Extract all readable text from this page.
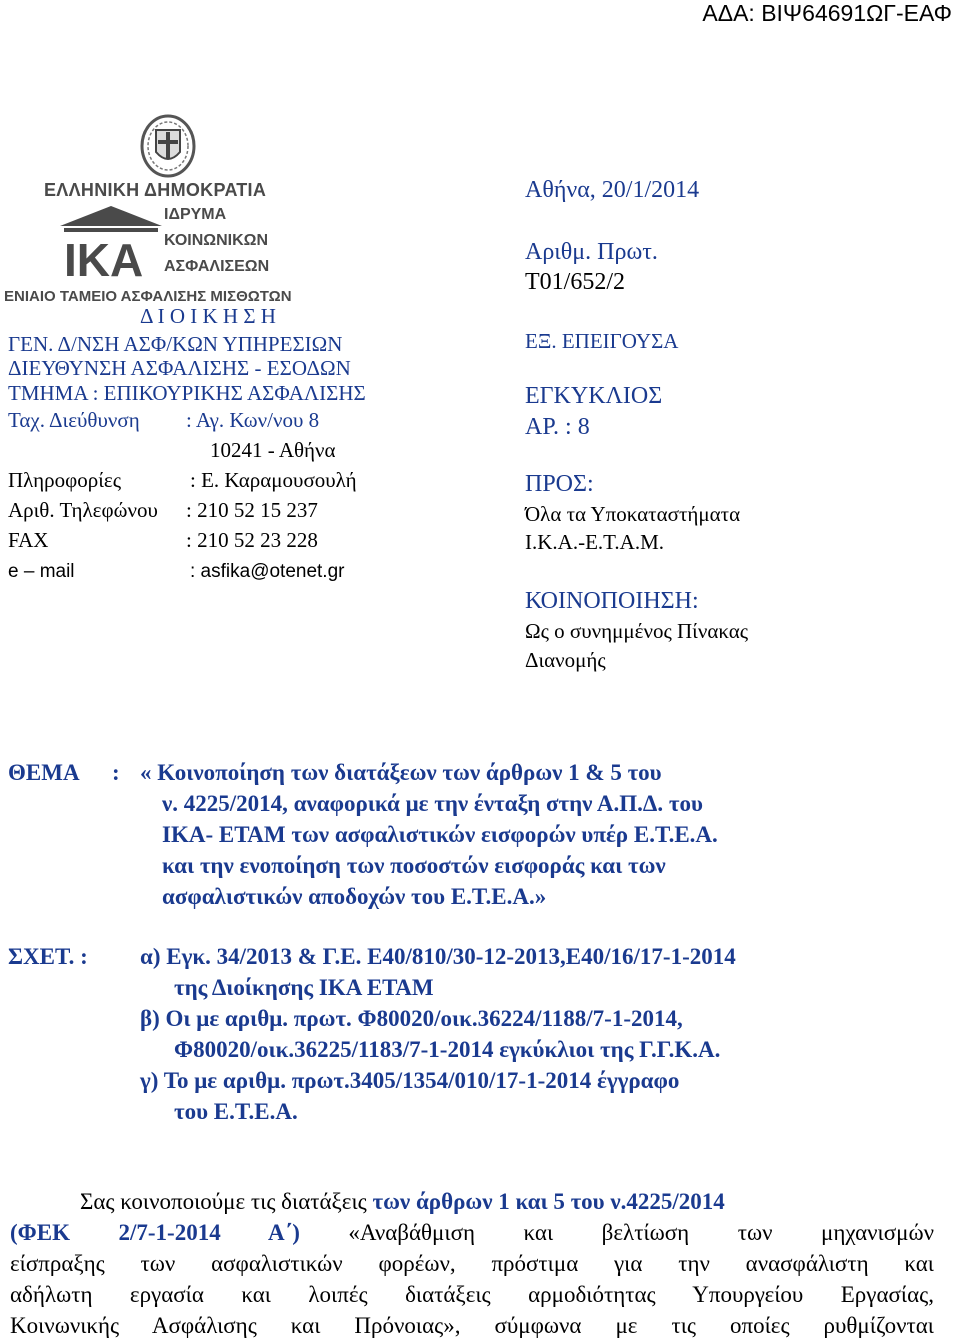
ΑΔΑ: ΒΙΨ64691ΩΓ-ΕΑΦ
ΕΛΛΗΝΙΚΗ ΔΗΜΟΚΡΑΤΙΑ
ΙΚΑ
ΙΔΡΥΜΑ
ΚΟΙΝΩΝΙΚΩΝ
ΑΣΦΑΛΙΣΕΩΝ
ΕΝΙΑΙΟ ΤΑΜΕΙΟ ΑΣΦΑΛΙΣΗΣ ΜΙΣΘΩΤΩΝ
Δ Ι Ο Ι Κ Η Σ Η
ΓΕΝ. Δ/ΝΣΗ ΑΣΦ/ΚΩΝ ΥΠΗΡΕΣΙΩΝ
ΔΙΕΥΘΥΝΣΗ ΑΣΦΑΛΙΣΗΣ - ΕΣΟΔΩΝ
ΤΜΗΜΑ : ΕΠΙΚΟΥΡΙΚΗΣ ΑΣΦΑΛΙΣΗΣ
Ταχ. Διεύθυνση : Αγ. Κων/νου 8
10241 - Αθήνα
Πληροφορίες	: Ε. Καραμουσουλή
Αριθ. Τηλεφώνου : 210 52 15 237
FAX	: 210 52 23 228
e – mail	: asfika@otenet.gr
Αθήνα, 20/1/2014
Αριθμ. Πρωτ.
Τ01/652/2
ΕΞ. ΕΠΕΙΓΟΥΣΑ
ΕΓΚΥΚΛΙΟΣ
ΑΡ. : 8
ΠΡΟΣ:
Όλα τα Υποκαταστήματα
Ι.Κ.Α.-Ε.Τ.Α.Μ.
ΚΟΙΝΟΠΟΙΗΣΗ:
Ως ο συνημμένος Πίνακας
Διανομής
ΘΕΜΑ : « Κοινοποίηση των διατάξεων των άρθρων 1 & 5 του
ν. 4225/2014, αναφορικά με την ένταξη στην Α.Π.Δ. του
ΙΚΑ- ΕΤΑΜ των ασφαλιστικών εισφορών υπέρ Ε.Τ.Ε.Α.
και την ενοποίηση των ποσοστών εισφοράς και των
ασφαλιστικών αποδοχών του Ε.Τ.Ε.Α.»
ΣΧΕΤ. : α) Εγκ. 34/2013 & Γ.Ε. Ε40/810/30-12-2013,Ε40/16/17-1-2014
της Διοίκησης ΙΚΑ ΕΤΑΜ
β) Οι με αριθμ. πρωτ. Φ80020/οικ.36224/1188/7-1-2014,
Φ80020/οικ.36225/1183/7-1-2014 εγκύκλιοι της Γ.Γ.Κ.Α.
γ) Το με αριθμ. πρωτ.3405/1354/010/17-1-2014 έγγραφο
του Ε.Τ.Ε.Α.
Σας κοινοποιούμε τις διατάξεις των άρθρων 1 και 5 του ν.4225/2014
(ΦΕΚ 2/7-1-2014 Α΄) «Αναβάθμιση και βελτίωση των μηχανισμών
είσπραξης των ασφαλιστικών φορέων, πρόστιμα για την ανασφάλιστη και
αδήλωτη εργασία και λοιπές διατάξεις αρμοδιότητας Υπουργείου Εργασίας,
Κοινωνικής Ασφάλισης και Πρόνοιας», σύμφωνα με τις οποίες ρυθμίζονται
